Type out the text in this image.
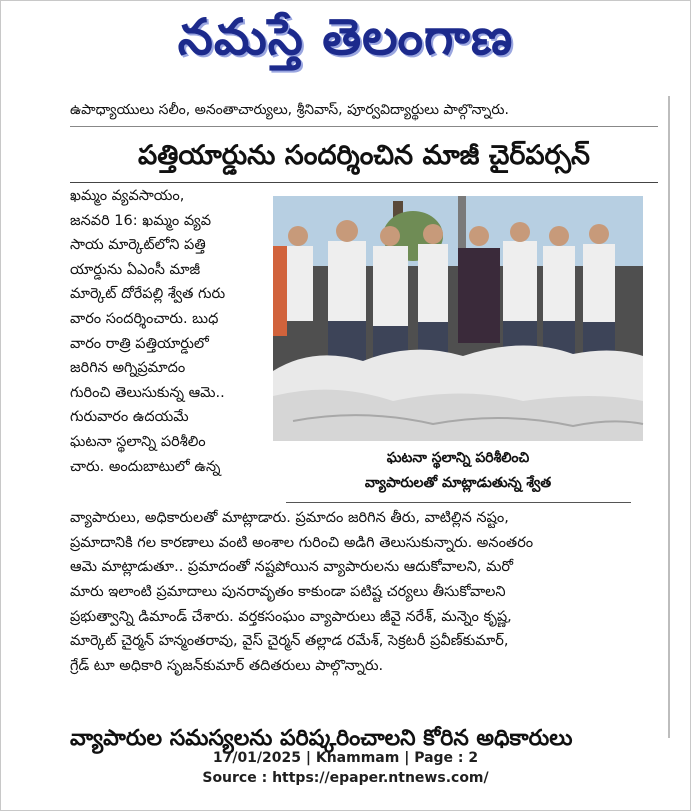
నమస్తే తెలంగాణ
ఉపాధ్యాయులు సలీం, అనంతాచార్యులు, శ్రీనివాస్, పూర్వవిద్యార్థులు పాల్గొన్నారు.
పత్తియార్డును సందర్శించిన మాజీ చైర్‌పర్సన్
ఖమ్మం వ్యవసాయం,
జనవరి 16: ఖమ్మం వ్యవ
సాయ మార్కెట్‌లోని పత్తి
యార్డును ఏఎంసీ మాజీ
మార్కెట్ దోరేపల్లి శ్వేత గురు
వారం సందర్శించారు. బుధ
వారం రాత్రి పత్తియార్డులో
జరిగిన అగ్నిప్రమాదం
గురించి తెలుసుకున్న ఆమె..
గురువారం ఉదయమే
ఘటనా స్థలాన్ని పరిశీలిం
చారు. అందుబాటులో ఉన్న
ఘటనా స్థలాన్ని పరిశీలించి
వ్యాపారులతో మాట్లాడుతున్న శ్వేత
వ్యాపారులు, అధికారులతో మాట్లాడారు. ప్రమాదం జరిగిన తీరు, వాటిల్లిన నష్టం,
ప్రమాదానికి గల కారణాలు వంటి అంశాల గురించి అడిగి తెలుసుకున్నారు. అనంతరం
ఆమె మాట్లాడుతూ.. ప్రమాదంతో నష్టపోయిన వ్యాపారులను ఆదుకోవాలని, మరో
మారు ఇలాంటి ప్రమాదాలు పునరావృతం కాకుండా పటిష్ట చర్యలు తీసుకోవాలని
ప్రభుత్వాన్ని డిమాండ్ చేశారు. వర్తకసంఘం వ్యాపారులు జీవై నరేశ్, మన్నెం కృష్ణ,
మార్కెట్ చైర్మన్ హన్మంతరావు, వైస్ చైర్మన్ తల్లాడ రమేశ్, సెక్రటరీ ప్రవీణ్‌కుమార్,
గ్రేడ్ టూ అధికారి సృజన్‌కుమార్ తదితరులు పాల్గొన్నారు.
వ్యాపారుల సమస్యలను పరిష్కరించాలని కోరిన అధికారులు
17/01/2025 | Khammam | Page : 2
Source : https://epaper.ntnews.com/
